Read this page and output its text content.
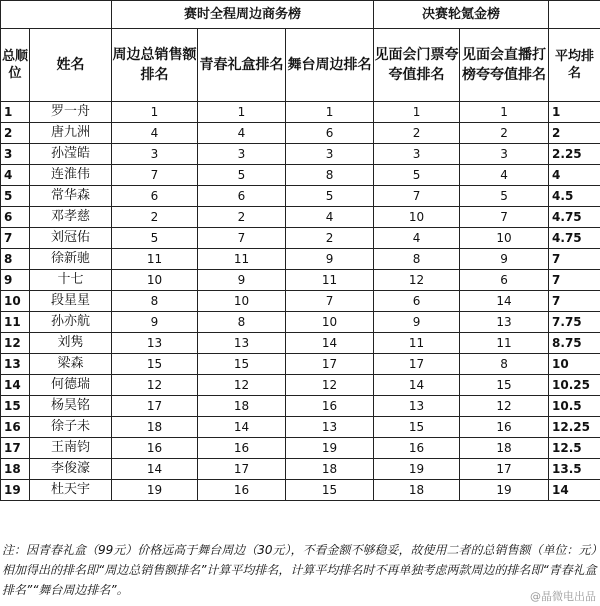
		赛时全程周边商务榜			决赛轮氪金榜		
总顺位	姓名	周边总销售额排名	青春礼盒排名	舞台周边排名	见面会门票夸夸值排名	见面会直播打榜夸夸值排名	平均排名
1	罗一舟	1	1	1	1	1	1
2	唐九洲	4	4	6	2	2	2
3	孙滢皓	3	3	3	3	3	2.25
4	连淮伟	7	5	8	5	4	4
5	常华森	6	6	5	7	5	4.5
6	邓孝慈	2	2	4	10	7	4.75
7	刘冠佑	5	7	2	4	10	4.75
8	徐新驰	11	11	9	8	9	7
9	十七	10	9	11	12	6	7
10	段星星	8	10	7	6	14	7
11	孙亦航	9	8	10	9	13	7.75
12	刘隽	13	13	14	11	11	8.75
13	梁森	15	15	17	17	8	10
14	何德瑞	12	12	12	14	15	10.25
15	杨昊铭	17	18	16	13	12	10.5
16	徐子未	18	14	13	15	16	12.25
17	王南钧	16	16	19	16	18	12.5
18	李俊濠	14	17	18	19	17	13.5
19	杜天宇	19	16	15	18	19	14
注：因青春礼盒（99元）价格远高于舞台周边（30元），不看金额不够稳妥，故使用二者的总销售额（单位：元）相加得出的排名即“周边总销售额排名”计算平均排名，计算平均排名时不再单独考虑两款周边的排名即“青春礼盒排名”“舞台周边排名”。	@晶微电出品
